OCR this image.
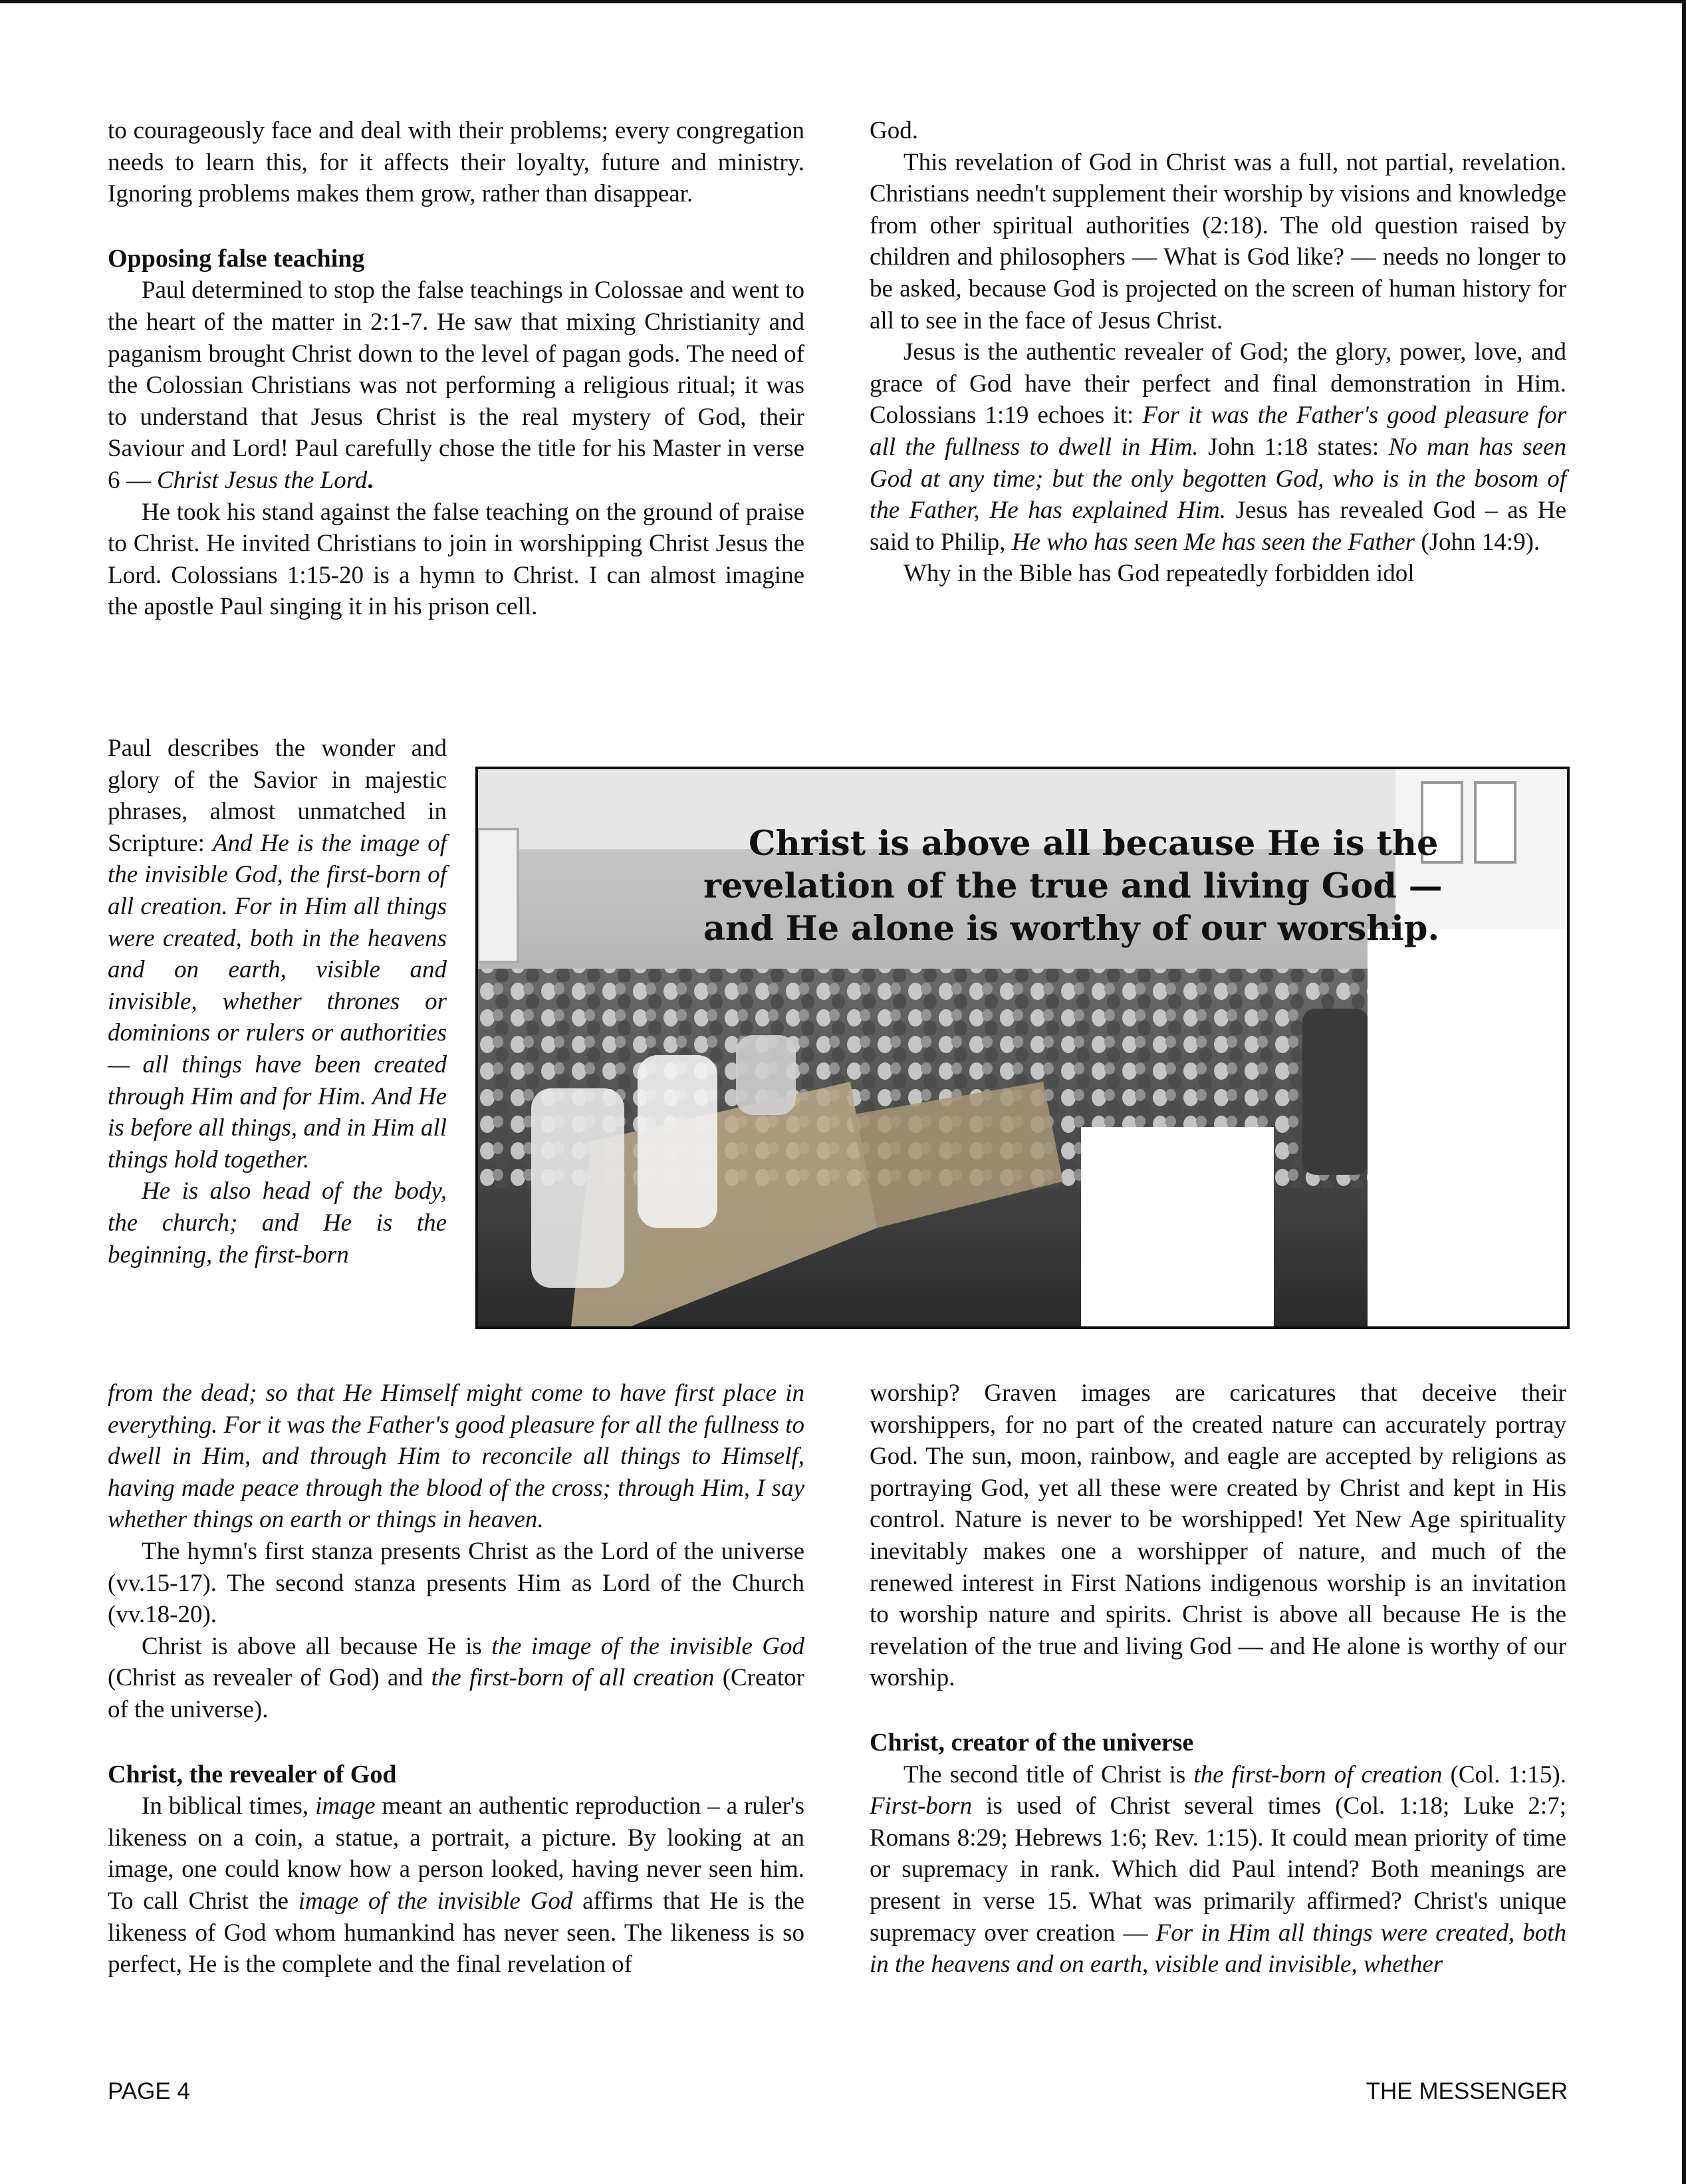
to courageously face and deal with their problems; every congregation needs to learn this, for it affects their loyalty, future and ministry. Ignoring problems makes them grow, rather than disappear.

Opposing false teaching

Paul determined to stop the false teachings in Colossae and went to the heart of the matter in 2:1-7. He saw that mixing Christianity and paganism brought Christ down to the level of pagan gods. The need of the Colossian Christians was not performing a religious ritual; it was to understand that Jesus Christ is the real mystery of God, their Saviour and Lord! Paul carefully chose the title for his Master in verse 6 — Christ Jesus the Lord.

He took his stand against the false teaching on the ground of praise to Christ. He invited Christians to join in worshipping Christ Jesus the Lord. Colossians 1:15-20 is a hymn to Christ. I can almost imagine the apostle Paul singing it in his prison cell.

Paul describes the wonder and glory of the Savior in majestic phrases, almost unmatched in Scripture: And He is the image of the invisible God, the first-born of all creation. For in Him all things were created, both in the heavens and on earth, visible and invisible, whether thrones or dominions or rulers or authorities — all things have been created through Him and for Him. And He is before all things, and in Him all things hold together.

He is also head of the body, the church; and He is the beginning, the first-born

from the dead; so that He Himself might come to have first place in everything. For it was the Father's good pleasure for all the fullness to dwell in Him, and through Him to reconcile all things to Himself, having made peace through the blood of the cross; through Him, I say whether things on earth or things in heaven.

The hymn's first stanza presents Christ as the Lord of the universe (vv.15-17). The second stanza presents Him as Lord of the Church (vv.18-20).

Christ is above all because He is the image of the invisible God (Christ as revealer of God) and the first-born of all creation (Creator of the universe).

Christ, the revealer of God

In biblical times, image meant an authentic reproduction – a ruler's likeness on a coin, a statue, a portrait, a picture. By looking at an image, one could know how a person looked, having never seen him. To call Christ the image of the invisible God affirms that He is the likeness of God whom humankind has never seen. The likeness is so perfect, He is the complete and the final revelation of

God.

This revelation of God in Christ was a full, not partial, revelation. Christians needn't supplement their worship by visions and knowledge from other spiritual authorities (2:18). The old question raised by children and philosophers — What is God like? — needs no longer to be asked, because God is projected on the screen of human history for all to see in the face of Jesus Christ.

Jesus is the authentic revealer of God; the glory, power, love, and grace of God have their perfect and final demonstration in Him. Colossians 1:19 echoes it: For it was the Father's good pleasure for all the fullness to dwell in Him. John 1:18 states: No man has seen God at any time; but the only begotten God, who is in the bosom of the Father, He has explained Him. Jesus has revealed God – as He said to Philip, He who has seen Me has seen the Father (John 14:9).

Why in the Bible has God repeatedly forbidden idol

Christ is above all because He is the
revelation of the true and living God —
and He alone is worthy of our worship.

worship? Graven images are caricatures that deceive their worshippers, for no part of the created nature can accurately portray God. The sun, moon, rainbow, and eagle are accepted by religions as portraying God, yet all these were created by Christ and kept in His control. Nature is never to be worshipped! Yet New Age spirituality inevitably makes one a worshipper of nature, and much of the renewed interest in First Nations indigenous worship is an invitation to worship nature and spirits. Christ is above all because He is the revelation of the true and living God — and He alone is worthy of our worship.

Christ, creator of the universe

The second title of Christ is the first-born of creation (Col. 1:15). First-born is used of Christ several times (Col. 1:18; Luke 2:7; Romans 8:29; Hebrews 1:6; Rev. 1:15). It could mean priority of time or supremacy in rank. Which did Paul intend? Both meanings are present in verse 15. What was primarily affirmed? Christ's unique supremacy over creation — For in Him all things were created, both in the heavens and on earth, visible and invisible, whether

PAGE 4	THE MESSENGER
